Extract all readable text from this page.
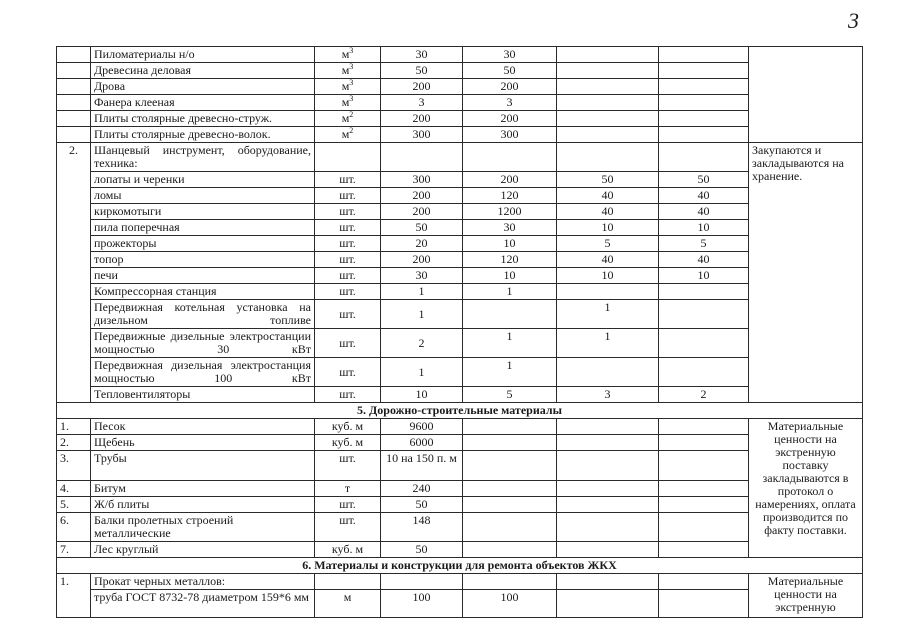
3
	Пиломатериалы н/о	$м^3$	30	30			
	Древесина деловая	$м^3$	50	50			
	Дрова	$м^3$	200	200			
	Фанера клееная	$м^3$	3	3			
	Плиты столярные древесно-струж.	$м^2$	200	200			
	Плиты столярные древесно-волок.	$м^2$	300	300			
2.	Шанцевый инструмент, оборудование, техника:						Закупаются и закладываются на хранение.
	лопаты и черенки	шт.	300	200	50	50	
	ломы	шт.	200	120	40	40	
	киркомотыги	шт.	200	1200	40	40	
	пила поперечная	шт.	50	30	10	10	
	прожекторы	шт.	20	10	5	5	
	топор	шт.	200	120	40	40	
	печи	шт.	30	10	10	10	
	Компрессорная станция	шт.	1	1			
	Передвижная котельная установка на дизельном топливе	шт.	1		1		
	Передвижные дизельные электростанции мощностью 30 кВт	шт.	2	1	1		
	Передвижная дизельная электростанция мощностью 100 кВт	шт.	1	1			
	Тепловентиляторы	шт.	10	5	3	2	
5. Дорожно-строительные материалы							
1.	Песок	куб. м	9600				Материальные ценности на экстренную поставку закладываются в протокол о намерениях, оплата производится по факту поставки.
2.	Щебень	куб. м	6000				
3.	Трубы	шт.	10 на 150 п. м				
4.	Битум	т	240				
5.	Ж/б плиты	шт.	50				
6.	Балки пролетных строений металлические	шт.	148				
7.	Лес круглый	куб. м	50				
6. Материалы и конструкции для ремонта объектов ЖКХ							
1.	Прокат черных металлов:						Материальные ценности на экстренную
	труба ГОСТ 8732-78 диаметром 159*6 мм	м	100	100			
